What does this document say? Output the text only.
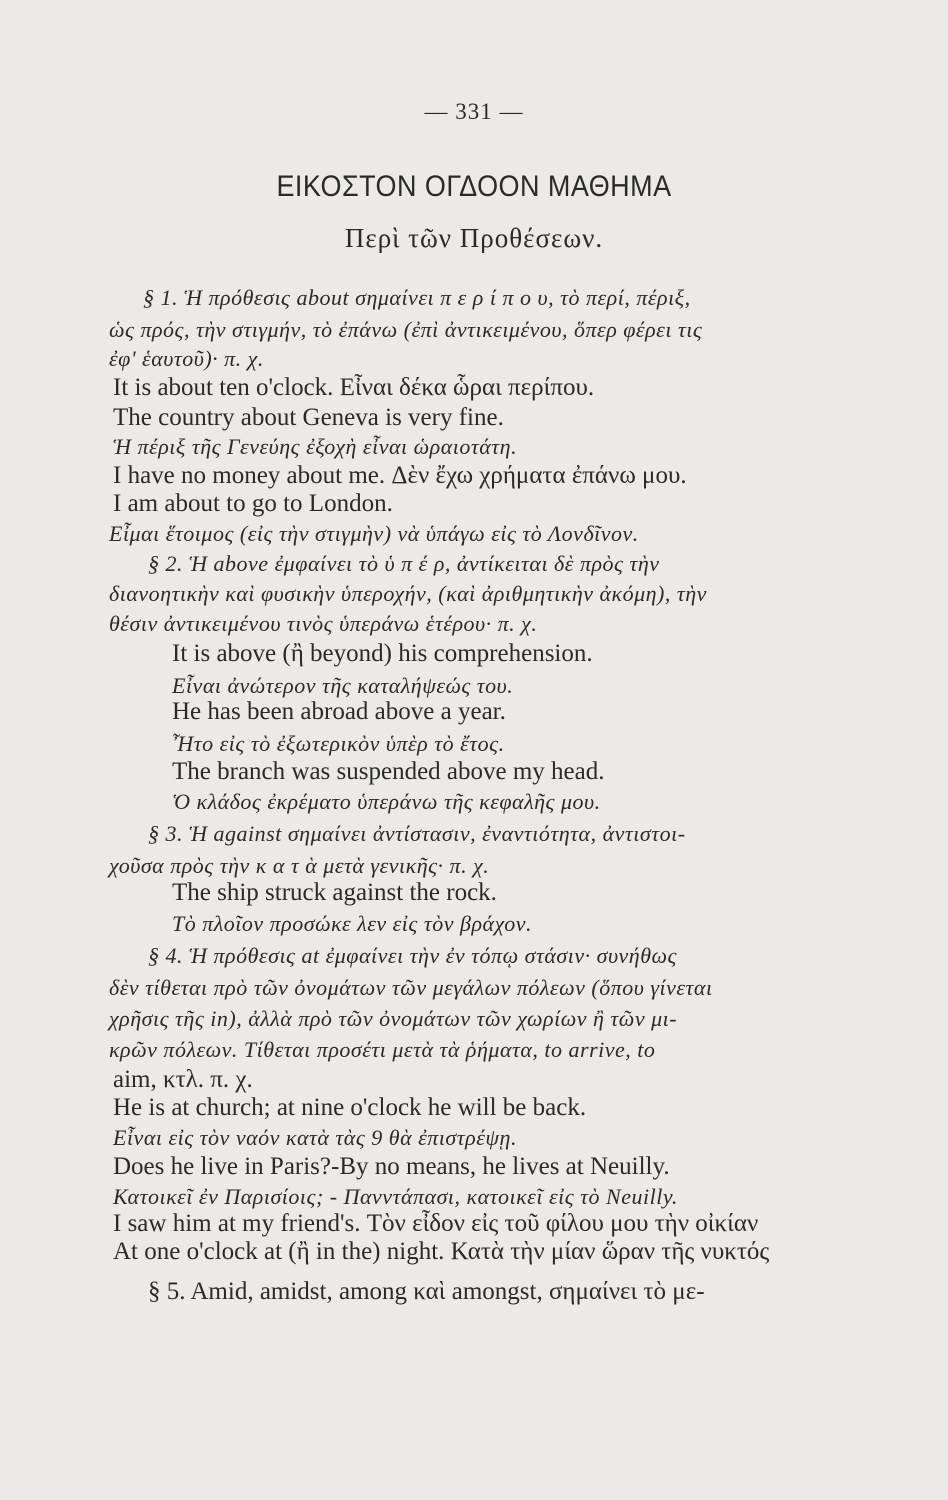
— 331 —
ΕΙΚΟΣΤΟΝ ΟΓΔΟΟΝ ΜΑΘΗΜΑ
Περὶ τῶν Προθέσεων.
§ 1. Ἡ πρόθεσις about σημαίνει π ε ρ ί π ο υ, τὸ περί, πέριξ,
ὡς πρός, τὴν στιγμήν, τὸ ἐπάνω (ἐπὶ ἀντικειμένου, ὅπερ φέρει τις
ἐφ' ἑαυτοῦ)· π. χ.
It is about ten o'clock. Εἶναι δέκα ὧραι περίπου.
The country about Geneva is very fine.
Ἡ πέριξ τῆς Γενεύης ἐξοχὴ εἶναι ὡραιοτάτη.
I have no money about me. Δὲν ἔχω χρήματα ἐπάνω μου.
I am about to go to London.
Εἶμαι ἕτοιμος (εἰς τὴν στιγμὴν) νὰ ὑπάγω εἰς τὸ Λονδῖνον.
§ 2. Ἡ above ἐμφαίνει τὸ ὑ π έ ρ, ἀντίκειται δὲ πρὸς τὴν
διανοητικὴν καὶ φυσικὴν ὑπεροχήν, (καὶ ἀριθμητικὴν ἀκόμη), τὴν
θέσιν ἀντικειμένου τινὸς ὑπεράνω ἑτέρου· π. χ.
It is above (ἢ beyond) his comprehension.
Εἶναι ἀνώτερον τῆς καταλήψεώς του.
He has been abroad above a year.
Ἦτο εἰς τὸ ἐξωτερικὸν ὑπὲρ τὸ ἔτος.
The branch was suspended above my head.
Ὁ κλάδος ἐκρέματο ὑπεράνω τῆς κεφαλῆς μου.
§ 3. Ἡ against σημαίνει ἀντίστασιν, ἐναντιότητα, ἀντιστοι-
χοῦσα πρὸς τὴν κ α τ ὰ μετὰ γενικῆς· π. χ.
The ship struck against the rock.
Τὸ πλοῖον προσώκε λεν εἰς τὸν βράχον.
§ 4. Ἡ πρόθεσις at ἐμφαίνει τὴν ἐν τόπῳ στάσιν· συνήθως
δὲν τίθεται πρὸ τῶν ὀνομάτων τῶν μεγάλων πόλεων (ὅπου γίνεται
χρῆσις τῆς in), ἀλλὰ πρὸ τῶν ὀνομάτων τῶν χωρίων ἢ τῶν μι-
κρῶν πόλεων. Τίθεται προσέτι μετὰ τὰ ῥήματα, to arrive, to
aim, κτλ. π. χ.
He is at church; at nine o'clock he will be back.
Εἶναι εἰς τὸν ναόν κατὰ τὰς 9 θὰ ἐπιστρέψῃ.
Does he live in Paris?-By no means, he lives at Neuilly.
Κατοικεῖ ἐν Παρισίοις; - Πανντάπασι, κατοικεῖ εἰς τὸ Neuilly.
I saw him at my friend's. Τὸν εἶδον εἰς τοῦ φίλου μου τὴν οἰκίαν
At one o'clock at (ἢ in the) night. Κατὰ τὴν μίαν ὥραν τῆς νυκτός
§ 5. Amid, amidst, among καὶ amongst, σημαίνει τὸ με-
